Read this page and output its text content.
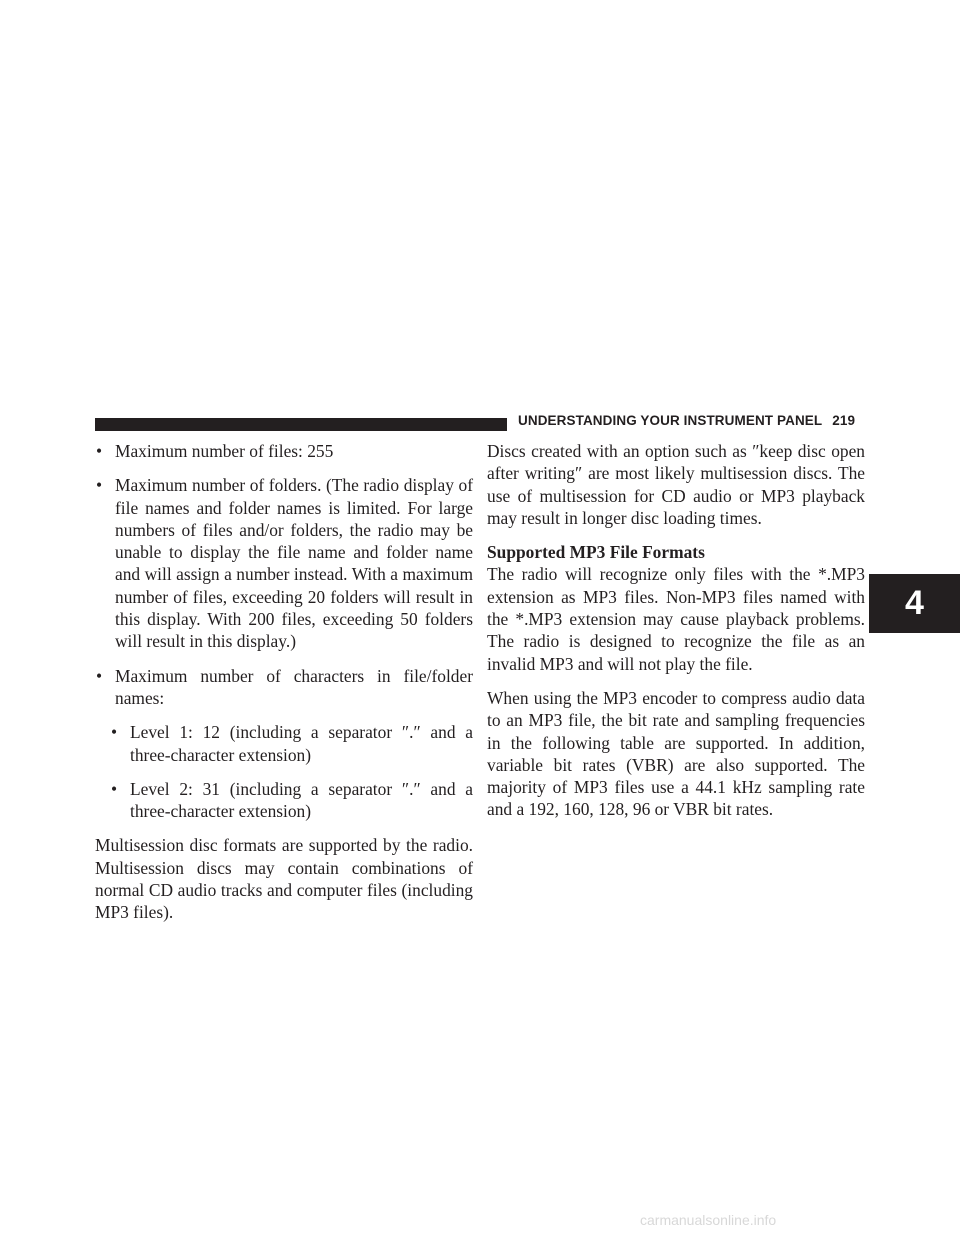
UNDERSTANDING YOUR INSTRUMENT PANEL 219
4
• Maximum number of files: 255
• Maximum number of folders. (The radio display of file names and folder names is limited. For large numbers of files and/or folders, the radio may be unable to display the file name and folder name and will assign a number instead. With a maximum number of files, exceeding 20 folders will result in this display. With 200 files, exceeding 50 folders will result in this display.)
• Maximum number of characters in file/folder names:
• Level 1: 12 (including a separator ″.″ and a three-character extension)
• Level 2: 31 (including a separator ″.″ and a three-character extension)

Multisession disc formats are supported by the radio. Multisession discs may contain combinations of normal CD audio tracks and computer files (including MP3 files).

Discs created with an option such as ″keep disc open after writing″ are most likely multisession discs. The use of multisession for CD audio or MP3 playback may result in longer disc loading times.

Supported MP3 File Formats

The radio will recognize only files with the *.MP3 extension as MP3 files. Non-MP3 files named with the *.MP3 extension may cause playback problems. The radio is designed to recognize the file as an invalid MP3 and will not play the file.

When using the MP3 encoder to compress audio data to an MP3 file, the bit rate and sampling frequencies in the following table are supported. In addition, variable bit rates (VBR) are also supported. The majority of MP3 files use a 44.1 kHz sampling rate and a 192, 160, 128, 96 or VBR bit rates.

carmanualsonline.info
